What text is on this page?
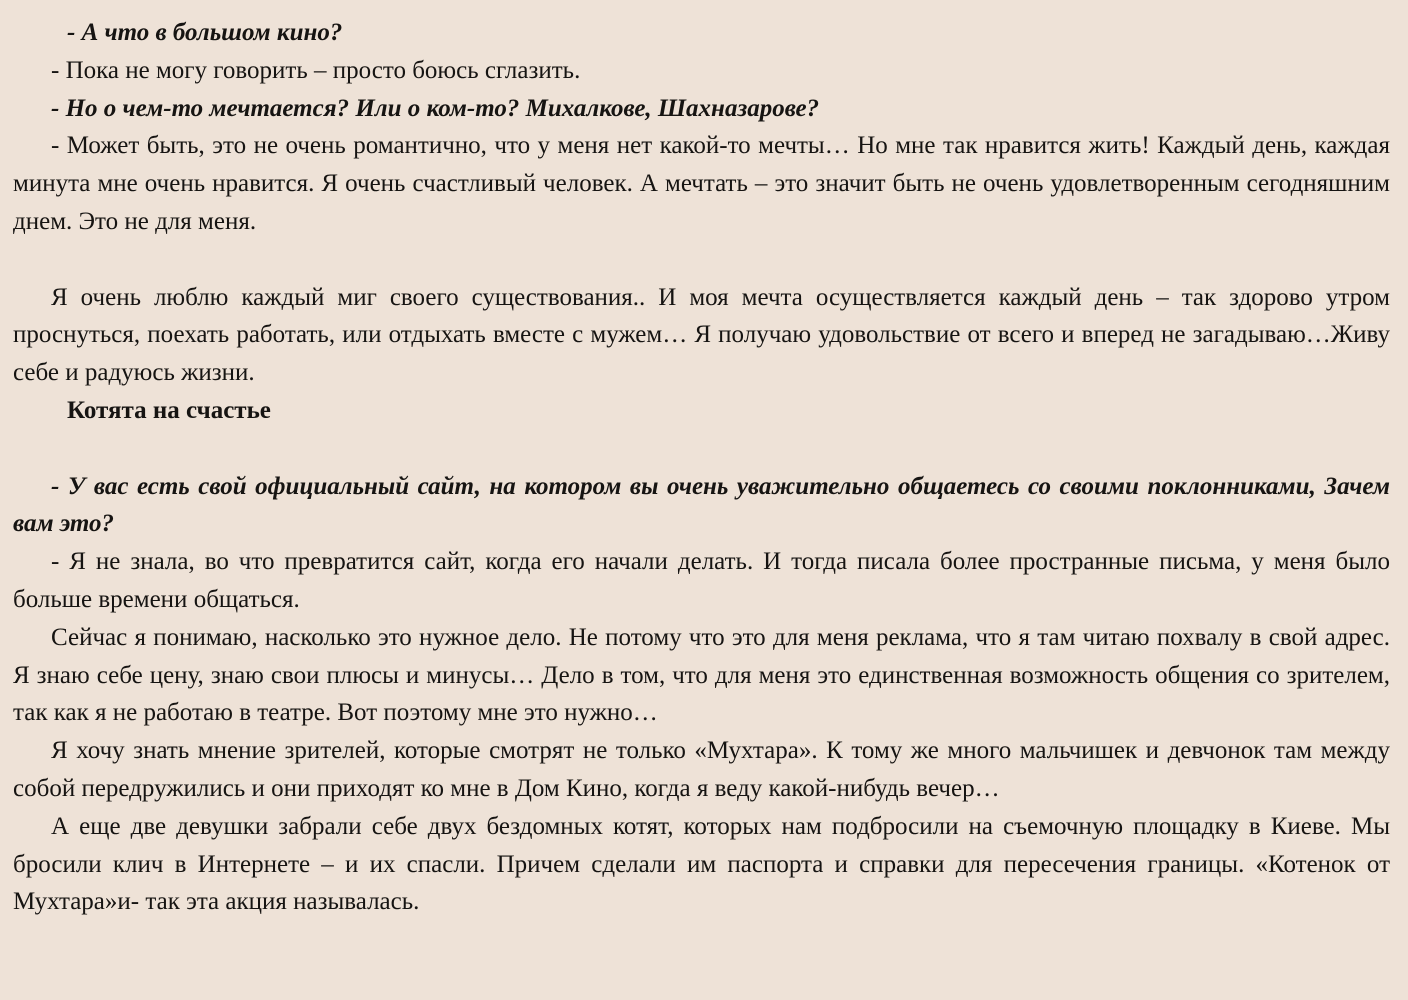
- А что в большом кино?

- Пока не могу говорить – просто боюсь сглазить.

- Но о чем-то мечтается? Или о ком-то? Михалкове, Шахназарове?

- Может быть, это не очень романтично, что у меня нет какой-то мечты… Но мне так нравится жить! Каждый день, каждая минута мне очень нравится. Я очень счастливый человек. А мечтать – это значит быть не очень удовлетворенным сегодняшним днем. Это не для меня.

Я очень люблю каждый миг своего существования.. И моя мечта осуществляется каждый день – так здорово утром проснуться, поехать работать, или отдыхать вместе с мужем… Я получаю удовольствие от всего и вперед не загадываю…Живу себе и радуюсь жизни.

Котята на счастье

- У вас есть свой официальный сайт, на котором вы очень уважительно общаетесь со своими поклонниками, Зачем вам это?

- Я не знала, во что превратится сайт, когда его начали делать. И тогда писала более пространные письма, у меня было больше времени общаться.

Сейчас я понимаю, насколько это нужное дело. Не потому что это для меня реклама, что я там читаю похвалу в свой адрес. Я знаю себе цену, знаю свои плюсы и минусы… Дело в том, что для меня это единственная возможность общения со зрителем, так как я не работаю в театре. Вот поэтому мне это нужно…

Я хочу знать мнение зрителей, которые смотрят не только «Мухтара». К тому же много мальчишек и девчонок там между собой передружились и они приходят ко мне в Дом Кино, когда я веду какой-нибудь вечер…

А еще две девушки забрали себе двух бездомных котят, которых нам подбросили на съемочную площадку в Киеве. Мы бросили клич в Интернете – и их спасли. Причем сделали им паспорта и справки для пересечения границы. «Котенок от Мухтара»и- так эта акция называлась.
